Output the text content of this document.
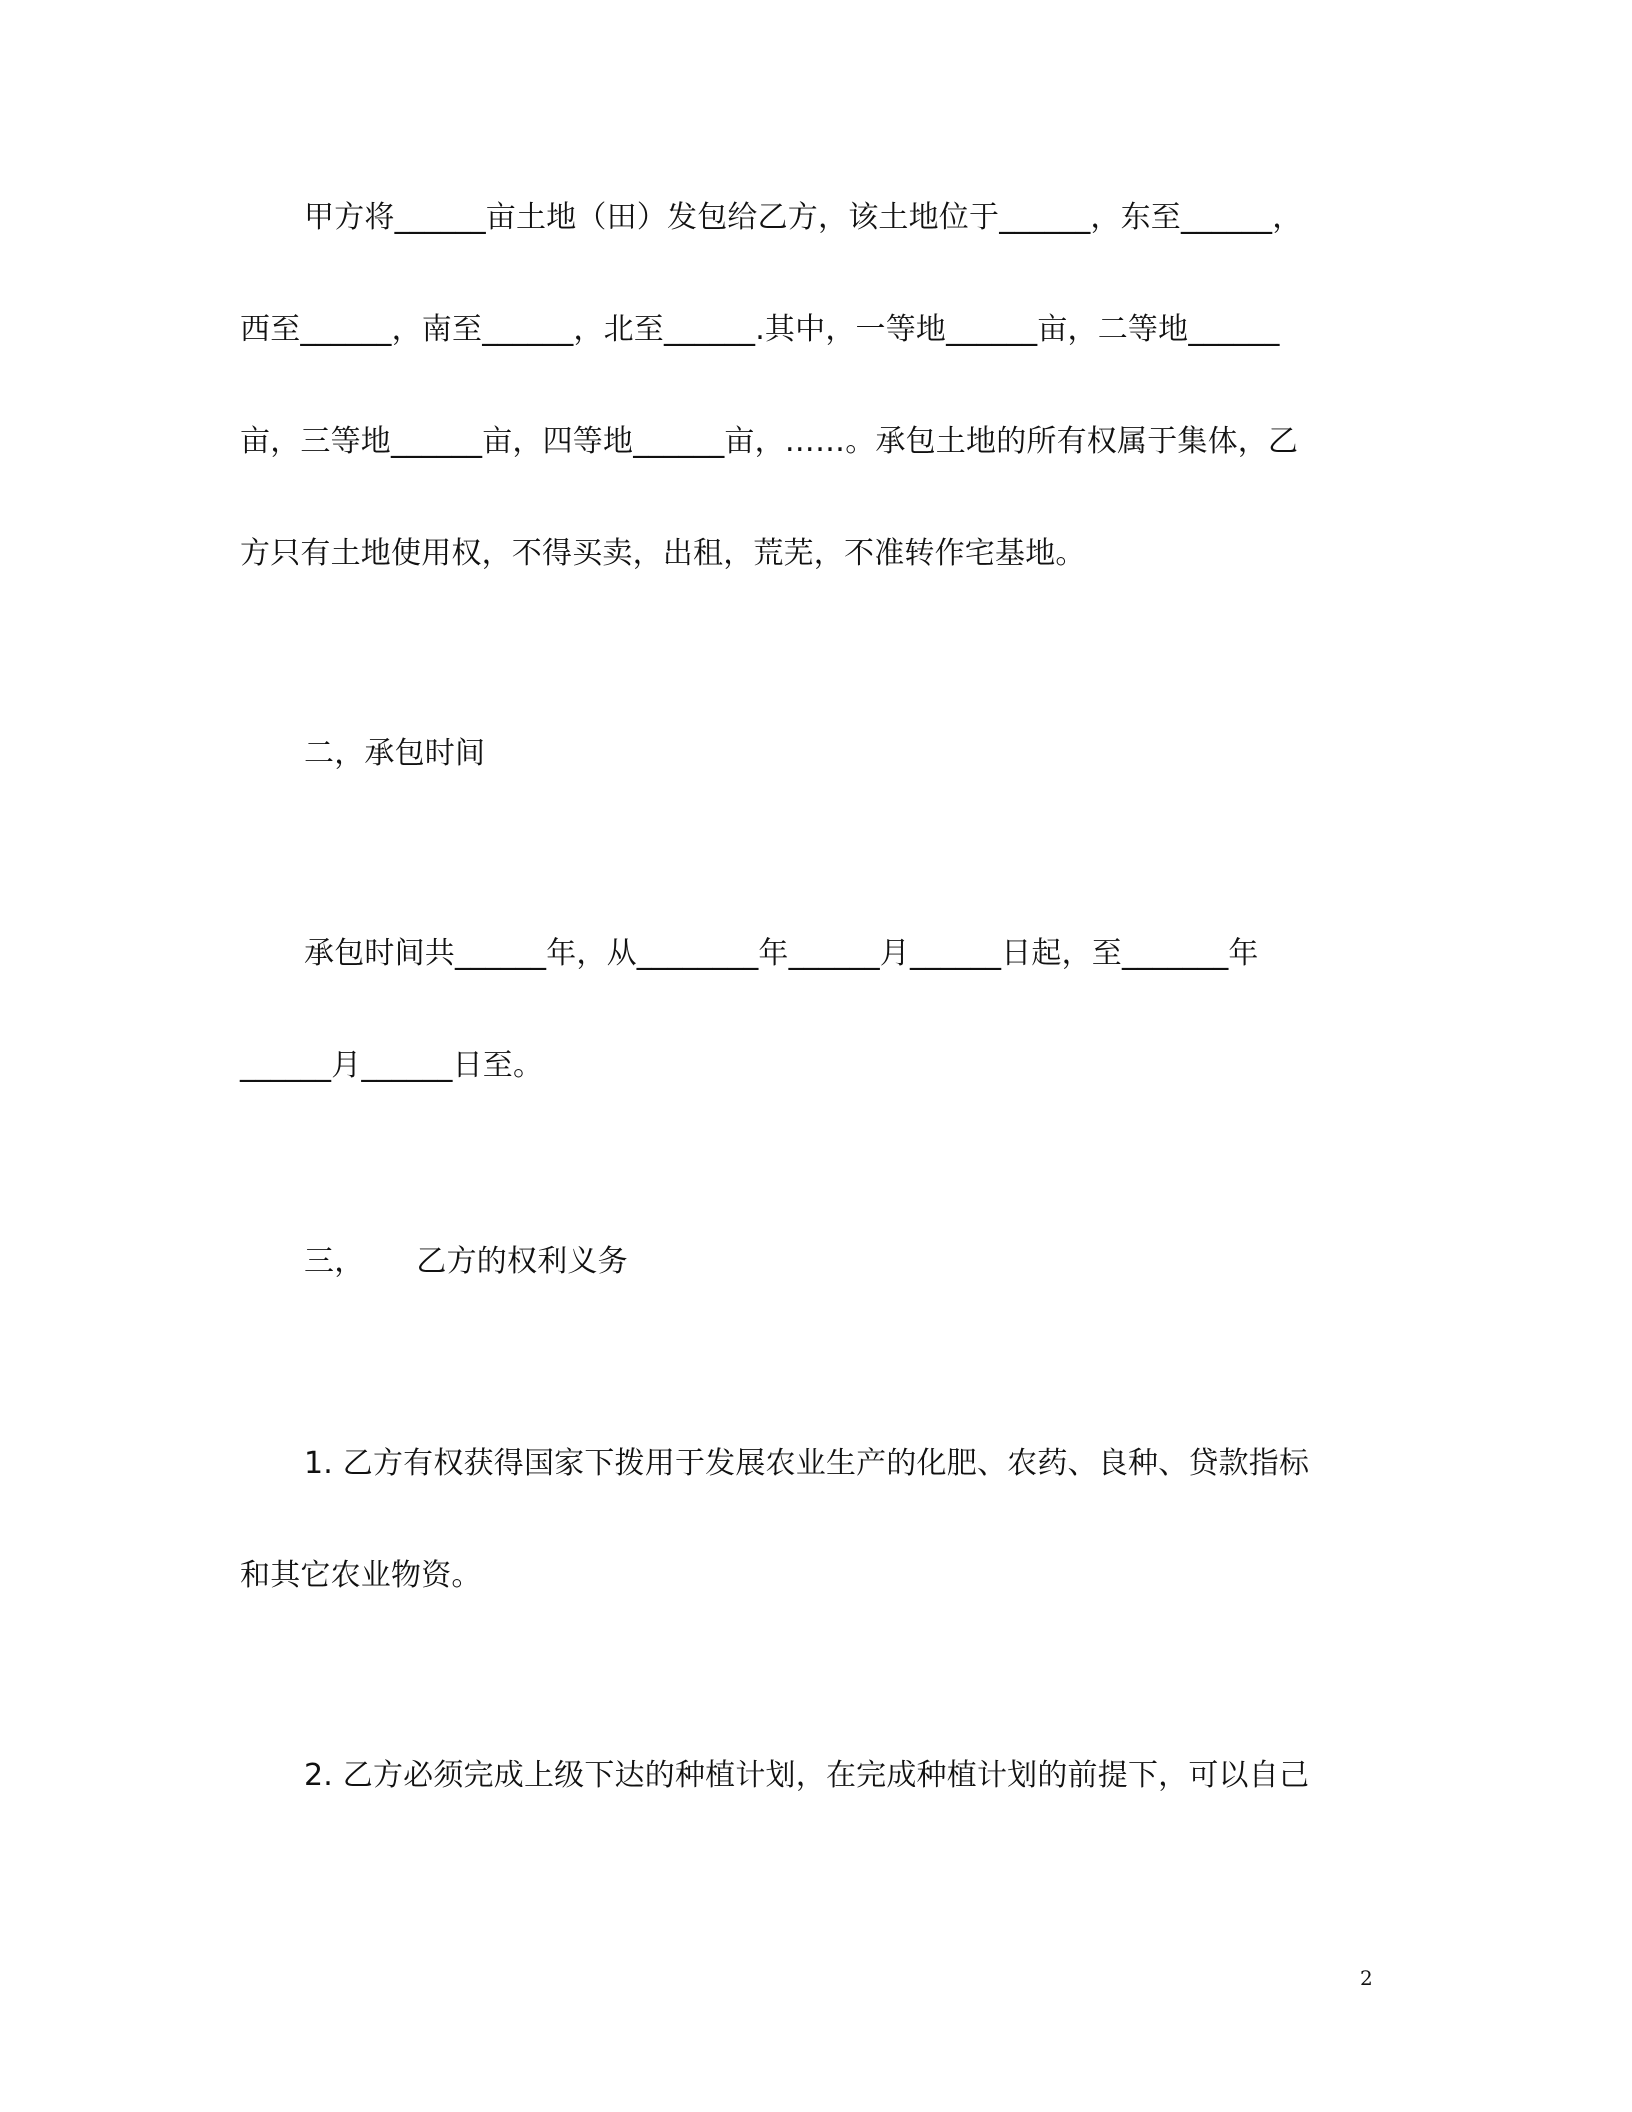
甲方将______亩土地（田）发包给乙方，该土地位于______，东至______，
西至______，南至______，北至______.其中，一等地______亩，二等地______
亩，三等地______亩，四等地______亩，……。承包土地的所有权属于集体，乙
方只有土地使用权，不得买卖，出租，荒芜，不准转作宅基地。
二，承包时间
承包时间共______年，从________年______月______日起，至_______年
______月______日至。
三， 乙方的权利义务
1. 乙方有权获得国家下拨用于发展农业生产的化肥、农药、良种、贷款指标
和其它农业物资。
2. 乙方必须完成上级下达的种植计划，在完成种植计划的前提下，可以自己
2
